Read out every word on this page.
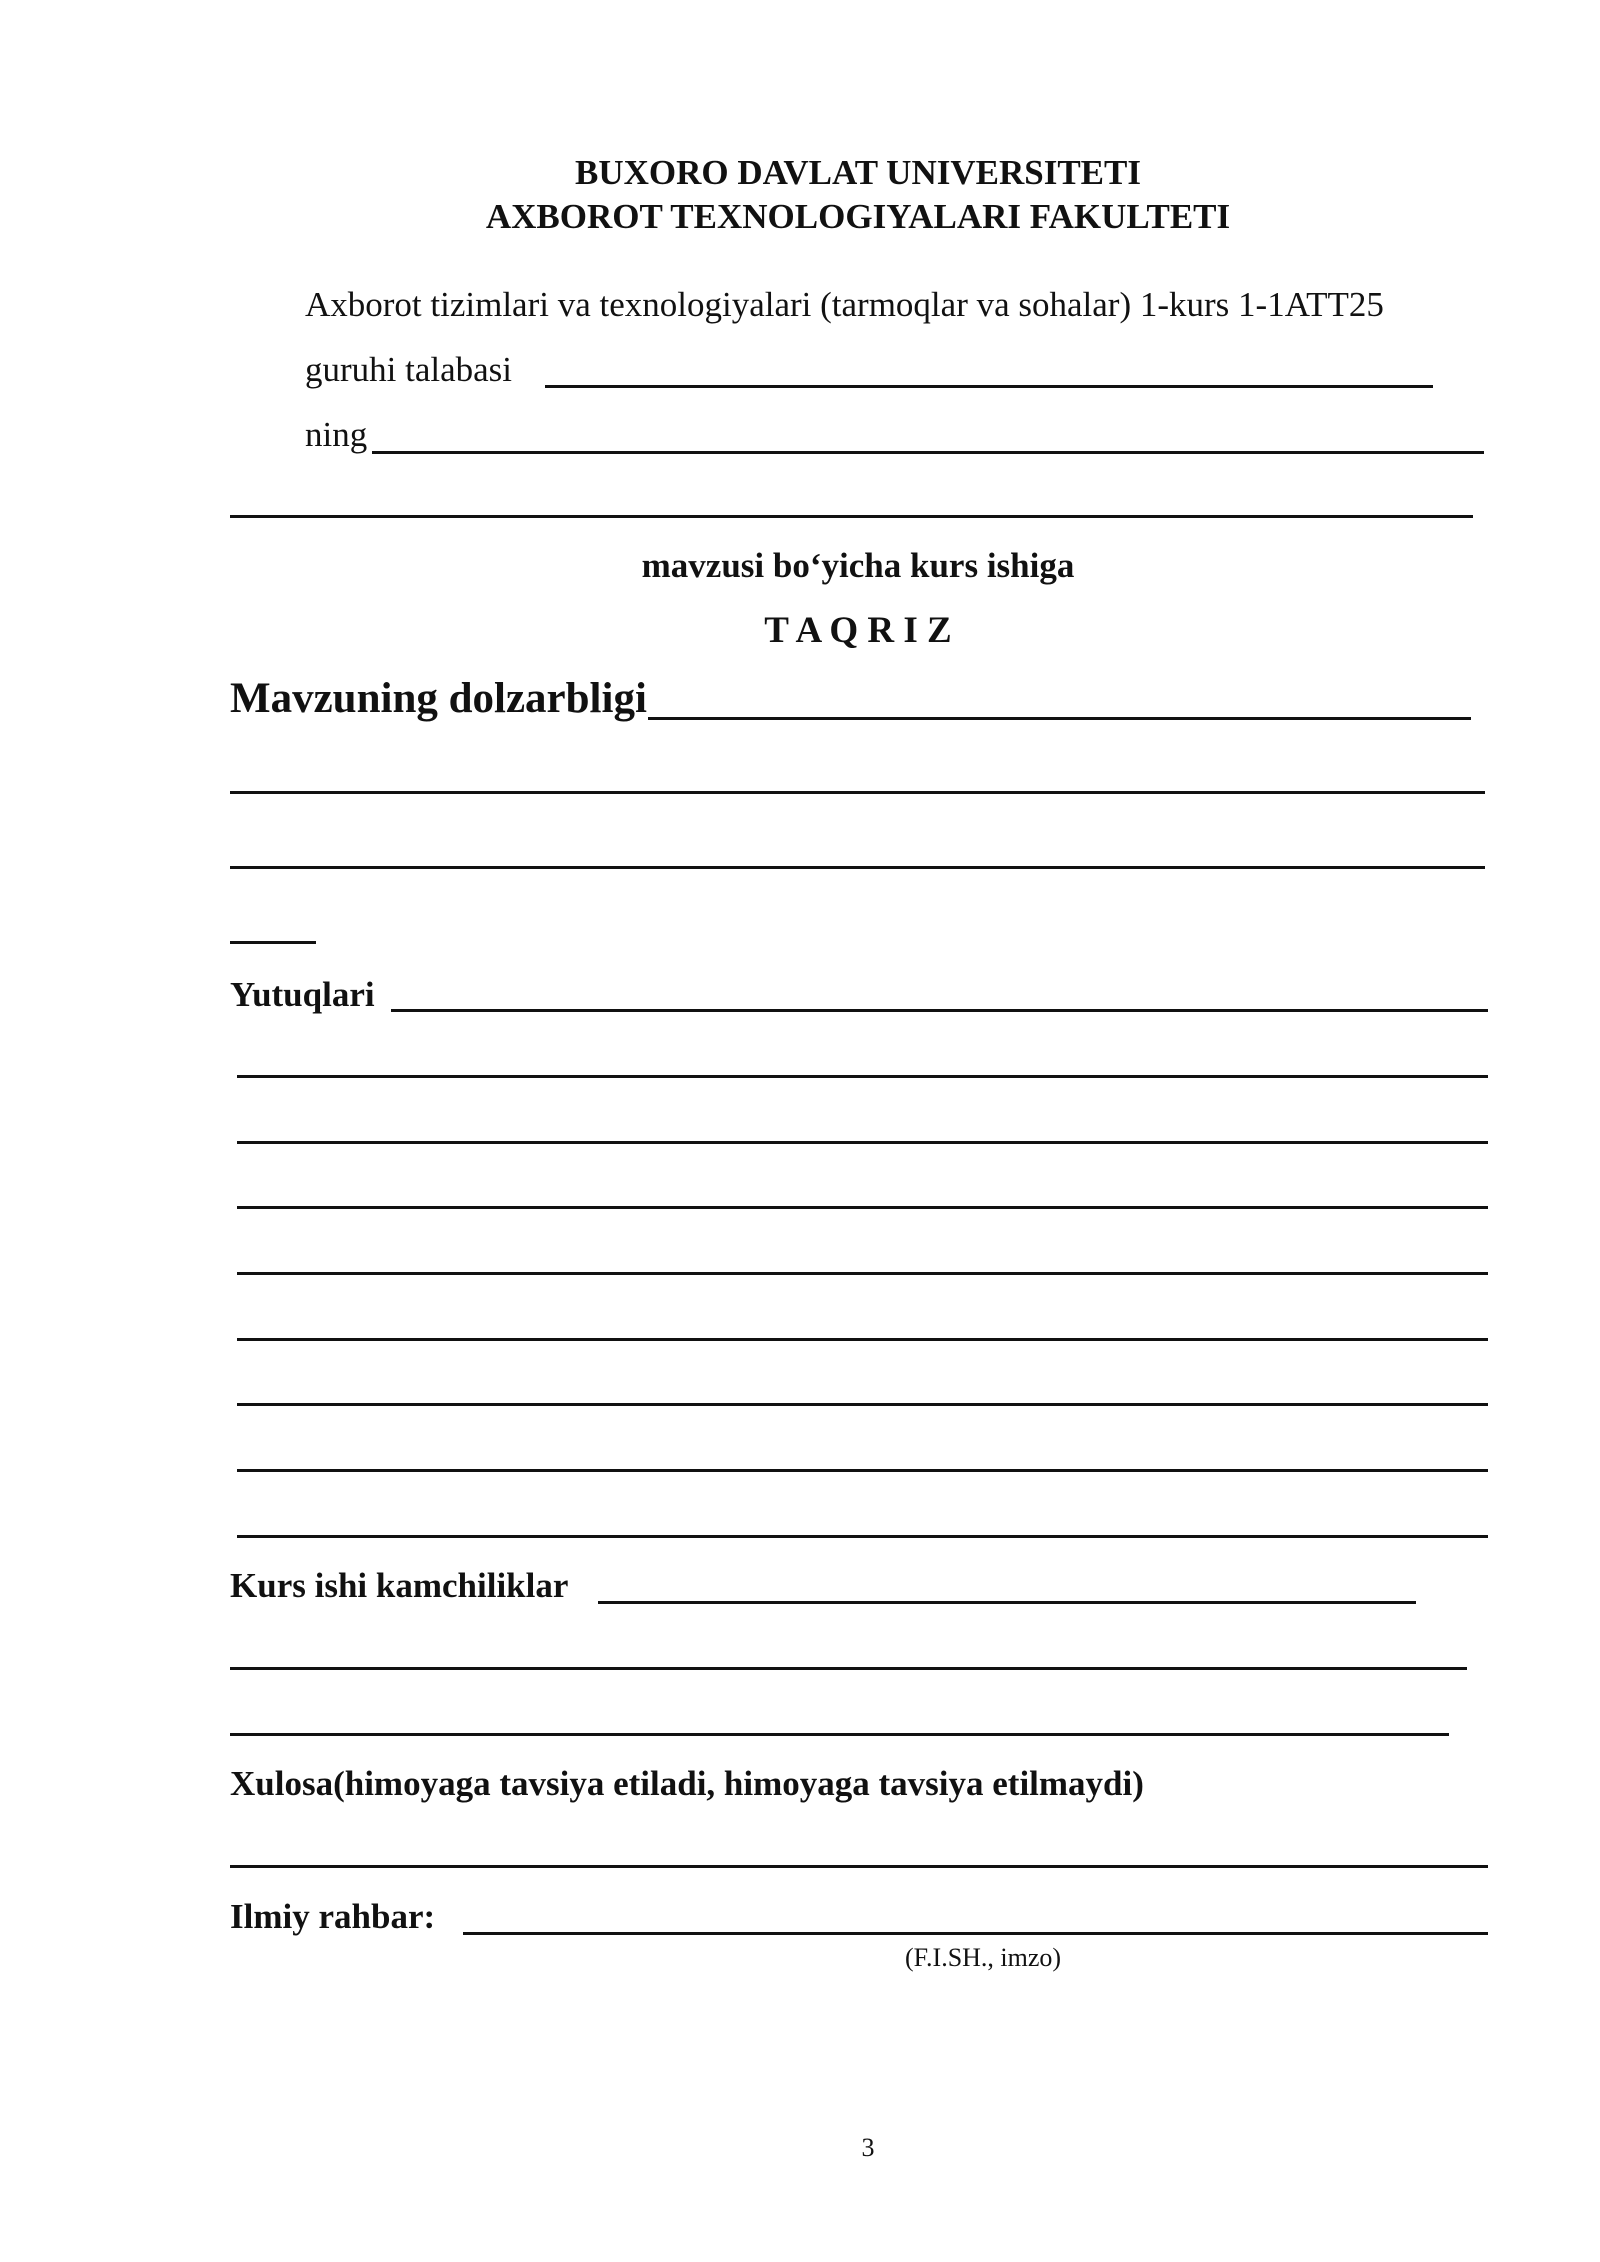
BUXORO DAVLAT UNIVERSITETI
AXBOROT TEXNOLOGIYALARI FAKULTETI
Axborot tizimlari va texnologiyalari (tarmoqlar va sohalar) 1-kurs 1-1ATT25
guruhi talabasi
ning
mavzusi bo‘yicha kurs ishiga
T A Q R I Z
Mavzuning dolzarbligi
Yutuqlari
Kurs ishi kamchiliklar
Xulosa(himoyaga tavsiya etiladi, himoyaga tavsiya etilmaydi)
Ilmiy rahbar:
(F.I.SH., imzo)
3
